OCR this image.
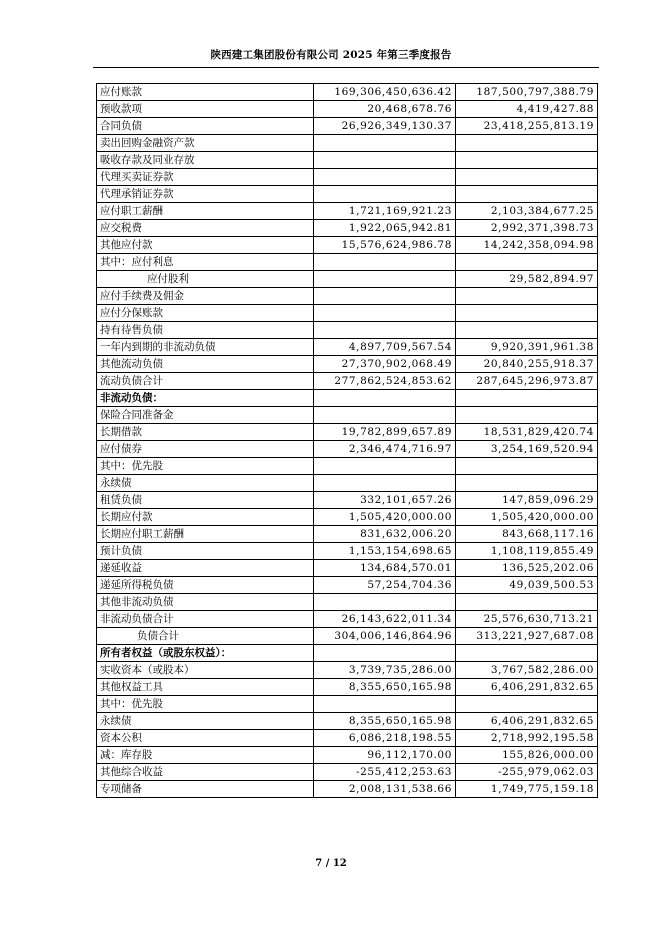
陕西建工集团股份有限公司 2025 年第三季度报告
应付账款	169,306,450,636.42	187,500,797,388.79
预收款项	20,468,678.76	4,419,427.88
合同负债	26,926,349,130.37	23,418,255,813.19
卖出回购金融资产款		
吸收存款及同业存放		
代理买卖证券款		
代理承销证券款		
应付职工薪酬	1,721,169,921.23	2,103,384,677.25
应交税费	1,922,065,942.81	2,992,371,398.73
其他应付款	15,576,624,986.78	14,242,358,094.98
其中：应付利息		
应付股利		29,582,894.97
应付手续费及佣金		
应付分保账款		
持有待售负债		
一年内到期的非流动负债	4,897,709,567.54	9,920,391,961.38
其他流动负债	27,370,902,068.49	20,840,255,918.37
流动负债合计	277,862,524,853.62	287,645,296,973.87
非流动负债：		
保险合同准备金		
长期借款	19,782,899,657.89	18,531,829,420.74
应付债券	2,346,474,716.97	3,254,169,520.94
其中：优先股		
永续债		
租赁负债	332,101,657.26	147,859,096.29
长期应付款	1,505,420,000.00	1,505,420,000.00
长期应付职工薪酬	831,632,006.20	843,668,117.16
预计负债	1,153,154,698.65	1,108,119,855.49
递延收益	134,684,570.01	136,525,202.06
递延所得税负债	57,254,704.36	49,039,500.53
其他非流动负债		
非流动负债合计	26,143,622,011.34	25,576,630,713.21
负债合计	304,006,146,864.96	313,221,927,687.08
所有者权益（或股东权益）：		
实收资本（或股本）	3,739,735,286.00	3,767,582,286.00
其他权益工具	8,355,650,165.98	6,406,291,832.65
其中：优先股		
永续债	8,355,650,165.98	6,406,291,832.65
资本公积	6,086,218,198.55	2,718,992,195.58
减：库存股	96,112,170.00	155,826,000.00
其他综合收益	-255,412,253.63	-255,979,062.03
专项储备	2,008,131,538.66	1,749,775,159.18
7 / 12
